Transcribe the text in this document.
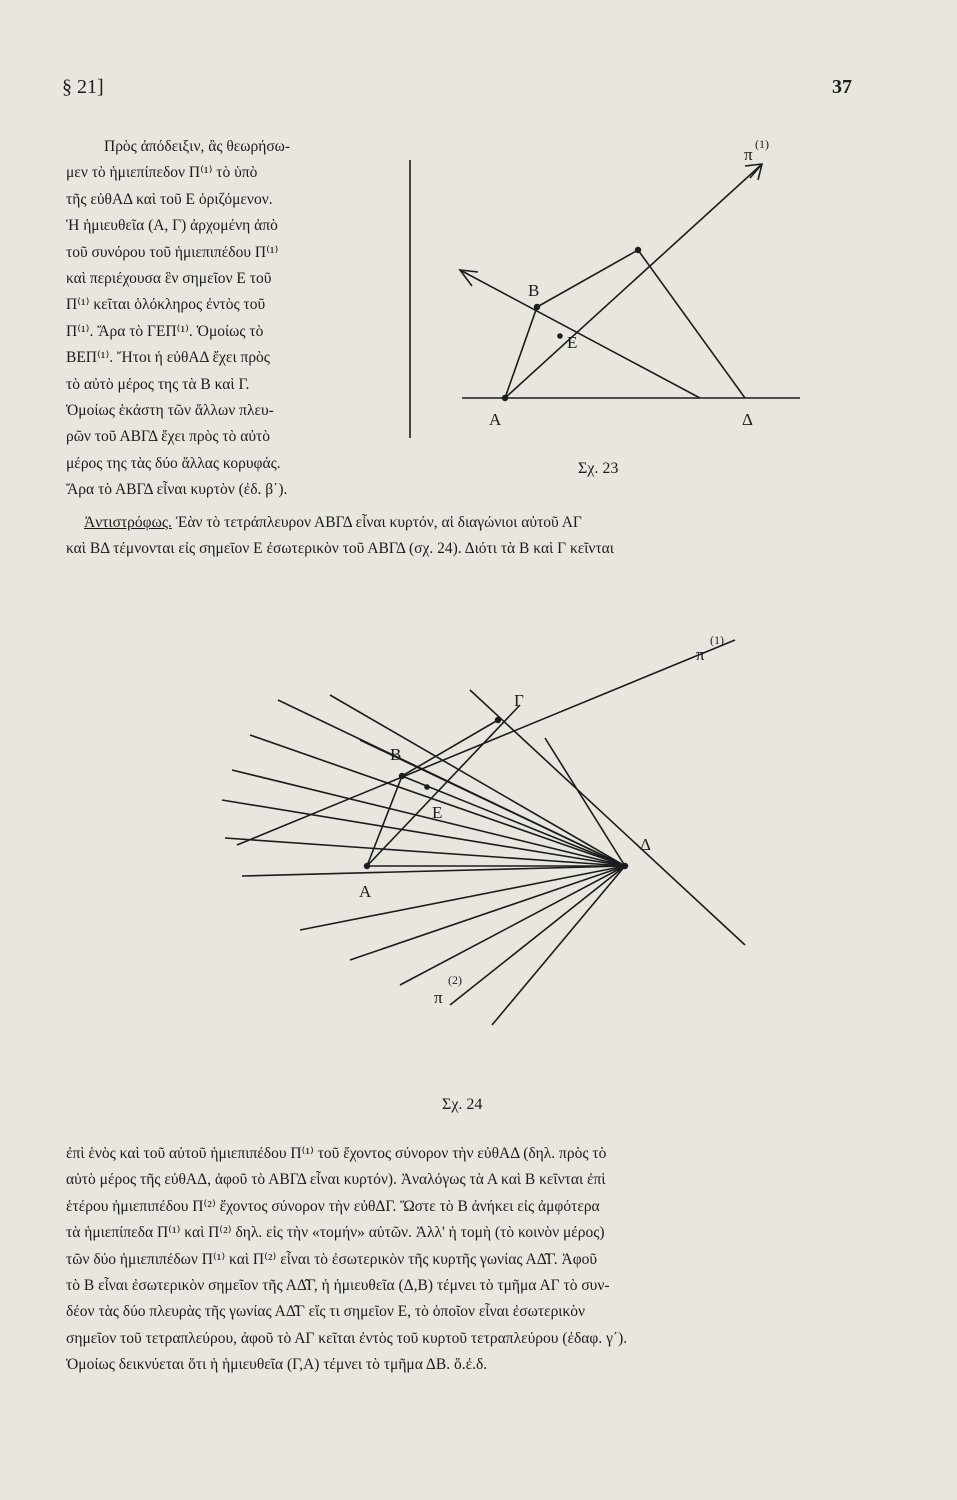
§ 21]	37
Πρὸς ἀπόδειξιν, ἂς θεωρήσω-
μεν τὸ ἡμιεπίπεδον Π⁽¹⁾ τὸ ὑπὸ
τῆς εὐθΑΔ καὶ τοῦ Ε ὁριζόμενον.
Ἡ ἡμιευθεῖα (Α, Γ) ἀρχομένη ἀπὸ
τοῦ συνόρου τοῦ ἡμιεπιπέδου Π⁽¹⁾
καὶ περιέχουσα ἓν σημεῖον Ε τοῦ
Π⁽¹⁾ κεῖται ὁλόκληρος ἐντὸς τοῦ
Π⁽¹⁾. Ἄρα τὸ ΓΕΠ⁽¹⁾. Ὁμοίως τὸ
ΒΕΠ⁽¹⁾. Ἤτοι ἡ εὐθΑΔ ἔχει πρὸς
τὸ αὐτὸ μέρος της τὰ Β καὶ Γ.
Ὁμοίως ἑκάστη τῶν ἄλλων πλευ-
ρῶν τοῦ ΑΒΓΔ ἔχει πρὸς τὸ αὐτὸ
μέρος της τὰς δύο ἄλλας κορυφάς.
Ἄρα τὸ ΑΒΓΔ εἶναι κυρτὸν (ἐδ. β΄).
π
(1)
Α
Β
Ε
Δ
Σχ. 23
Ἀντιστρόφως. Ἐὰν τὸ τετράπλευρον ΑΒΓΔ εἶναι κυρτόν, αἱ διαγώνιοι αὐτοῦ ΑΓ
καὶ ΒΔ τέμνονται εἰς σημεῖον Ε ἐσωτερικὸν τοῦ ΑΒΓΔ (σχ. 24). Διότι τὰ Β καὶ Γ κεῖνται
π
(1)
π
(2)
Α
Β
Γ
Ε
Δ
Σχ. 24
ἐπὶ ἑνὸς καὶ τοῦ αὐτοῦ ἡμιεπιπέδου Π⁽¹⁾ τοῦ ἔχοντος σύνορον τὴν εὐθΑΔ (δηλ. πρὸς τὸ
αὐτὸ μέρος τῆς εὐθΑΔ, ἀφοῦ τὸ ΑΒΓΔ εἶναι κυρτόν). Ἀναλόγως τὰ Α καὶ Β κεῖνται ἐπὶ
ἑτέρου ἡμιεπιπέδου Π⁽²⁾ ἔχοντος σύνορον τὴν εὐθΔΓ. Ὥστε τὸ Β ἀνήκει εἰς ἀμφότερα
τὰ ἡμιεπίπεδα Π⁽¹⁾ καὶ Π⁽²⁾ δηλ. εἰς τὴν «τομήν» αὐτῶν. Ἀλλ' ἡ τομὴ (τὸ κοινὸν μέρος)
τῶν δύο ἡμιεπιπέδων Π⁽¹⁾ καὶ Π⁽²⁾ εἶναι τὸ ἐσωτερικὸν τῆς κυρτῆς γωνίας ΑΔ̂Γ. Ἀφοῦ
τὸ Β εἶναι ἐσωτερικὸν σημεῖον τῆς ΑΔ̂Γ, ἡ ἡμιευθεῖα (Δ,Β) τέμνει τὸ τμῆμα ΑΓ τὸ συν-
δέον τὰς δύο πλευρὰς τῆς γωνίας ΑΔ̂Γ εἴς τι σημεῖον Ε, τὸ ὁποῖον εἶναι ἐσωτερικὸν
σημεῖον τοῦ τετραπλεύρου, ἀφοῦ τὸ ΑΓ κεῖται ἐντὸς τοῦ κυρτοῦ τετραπλεύρου (ἐδαφ. γ΄).
Ὁμοίως δεικνύεται ὅτι ἡ ἡμιευθεῖα (Γ,Α) τέμνει τὸ τμῆμα ΔΒ. ὅ.ἐ.δ.
